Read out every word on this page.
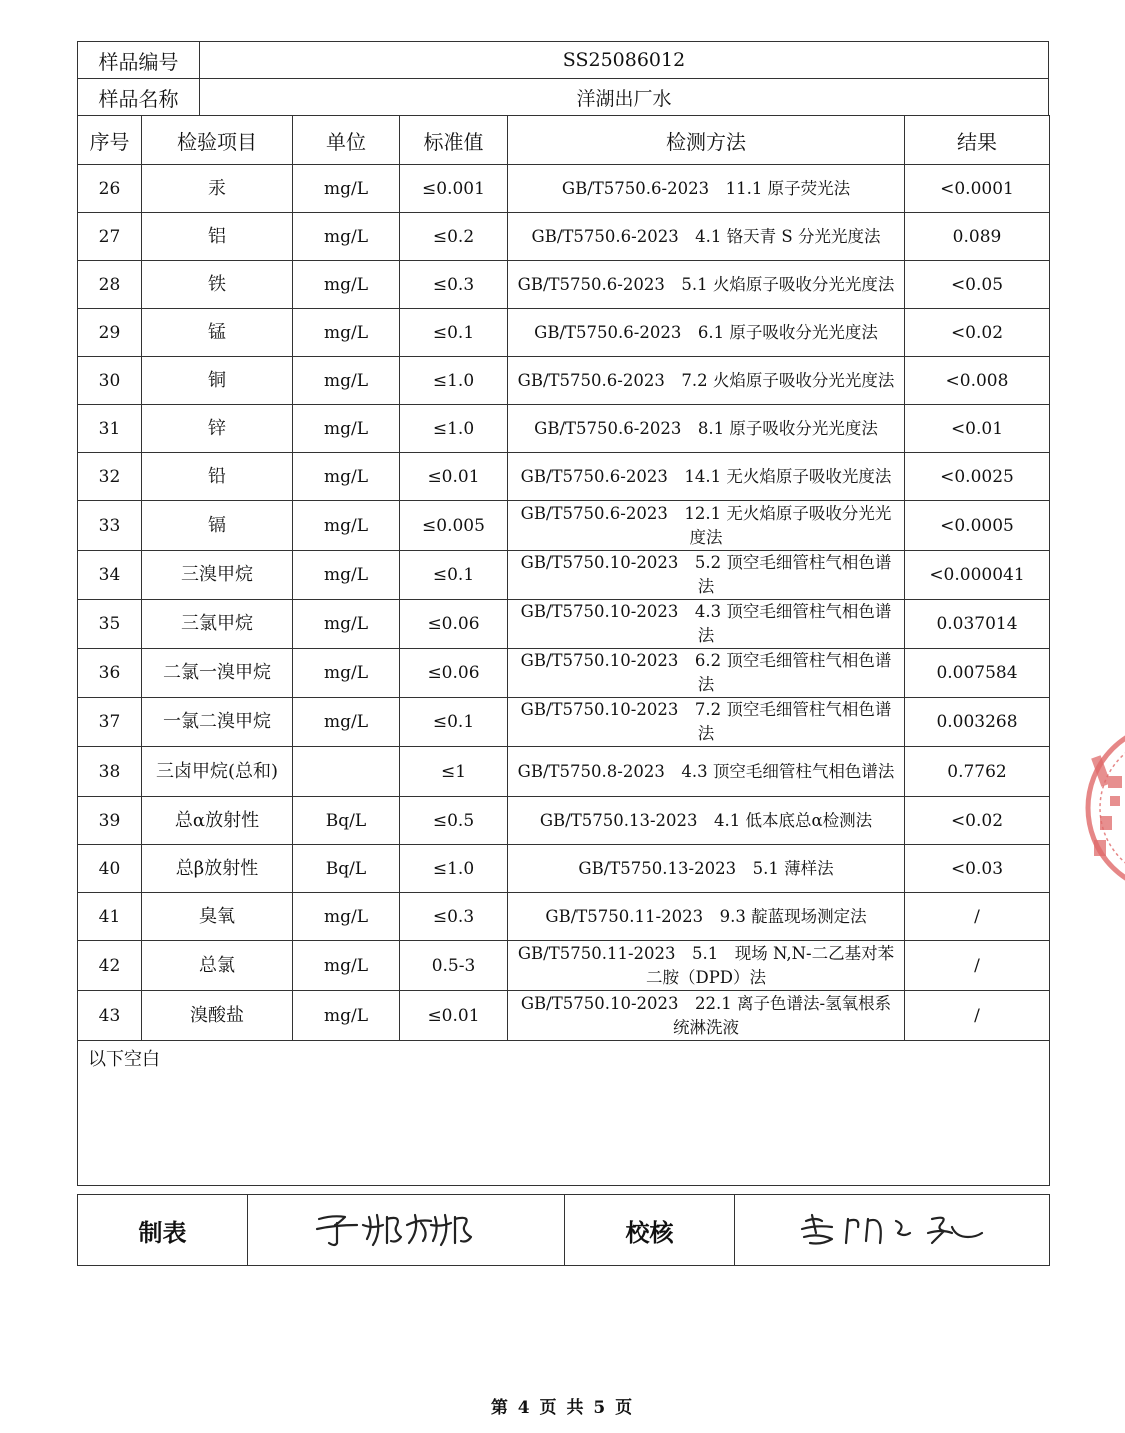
样品编号	SS25086012
样品名称	洋湖出厂水
序号	检验项目	单位	标准值	检测方法	结果
26	汞	mg/L	≤0.001	GB/T5750.6-2023　11.1 原子荧光法	<0.0001
27	铝	mg/L	≤0.2	GB/T5750.6-2023　4.1 铬天青 S 分光光度法	0.089
28	铁	mg/L	≤0.3	GB/T5750.6-2023　5.1 火焰原子吸收分光光度法	<0.05
29	锰	mg/L	≤0.1	GB/T5750.6-2023　6.1 原子吸收分光光度法	<0.02
30	铜	mg/L	≤1.0	GB/T5750.6-2023　7.2 火焰原子吸收分光光度法	<0.008
31	锌	mg/L	≤1.0	GB/T5750.6-2023　8.1 原子吸收分光光度法	<0.01
32	铅	mg/L	≤0.01	GB/T5750.6-2023　14.1 无火焰原子吸收光度法	<0.0025
33	镉	mg/L	≤0.005	GB/T5750.6-2023　12.1 无火焰原子吸收分光光度法	<0.0005
34	三溴甲烷	mg/L	≤0.1	GB/T5750.10-2023　5.2 顶空毛细管柱气相色谱法	<0.000041
35	三氯甲烷	mg/L	≤0.06	GB/T5750.10-2023　4.3 顶空毛细管柱气相色谱法	0.037014
36	二氯一溴甲烷	mg/L	≤0.06	GB/T5750.10-2023　6.2 顶空毛细管柱气相色谱法	0.007584
37	一氯二溴甲烷	mg/L	≤0.1	GB/T5750.10-2023　7.2 顶空毛细管柱气相色谱法	0.003268
38	三卤甲烷(总和)		≤1	GB/T5750.8-2023　4.3 顶空毛细管柱气相色谱法	0.7762
39	总α放射性	Bq/L	≤0.5	GB/T5750.13-2023　4.1 低本底总α检测法	<0.02
40	总β放射性	Bq/L	≤1.0	GB/T5750.13-2023　5.1 薄样法	<0.03
41	臭氧	mg/L	≤0.3	GB/T5750.11-2023　9.3 靛蓝现场测定法	/
42	总氯	mg/L	0.5-3	GB/T5750.11-2023　5.1　现场 N,N-二乙基对苯二胺（DPD）法	/
43	溴酸盐	mg/L	≤0.01	GB/T5750.10-2023　22.1 离子色谱法-氢氧根系统淋洗液	/
以下空白					
制表		校核	
第 4 页 共 5 页
